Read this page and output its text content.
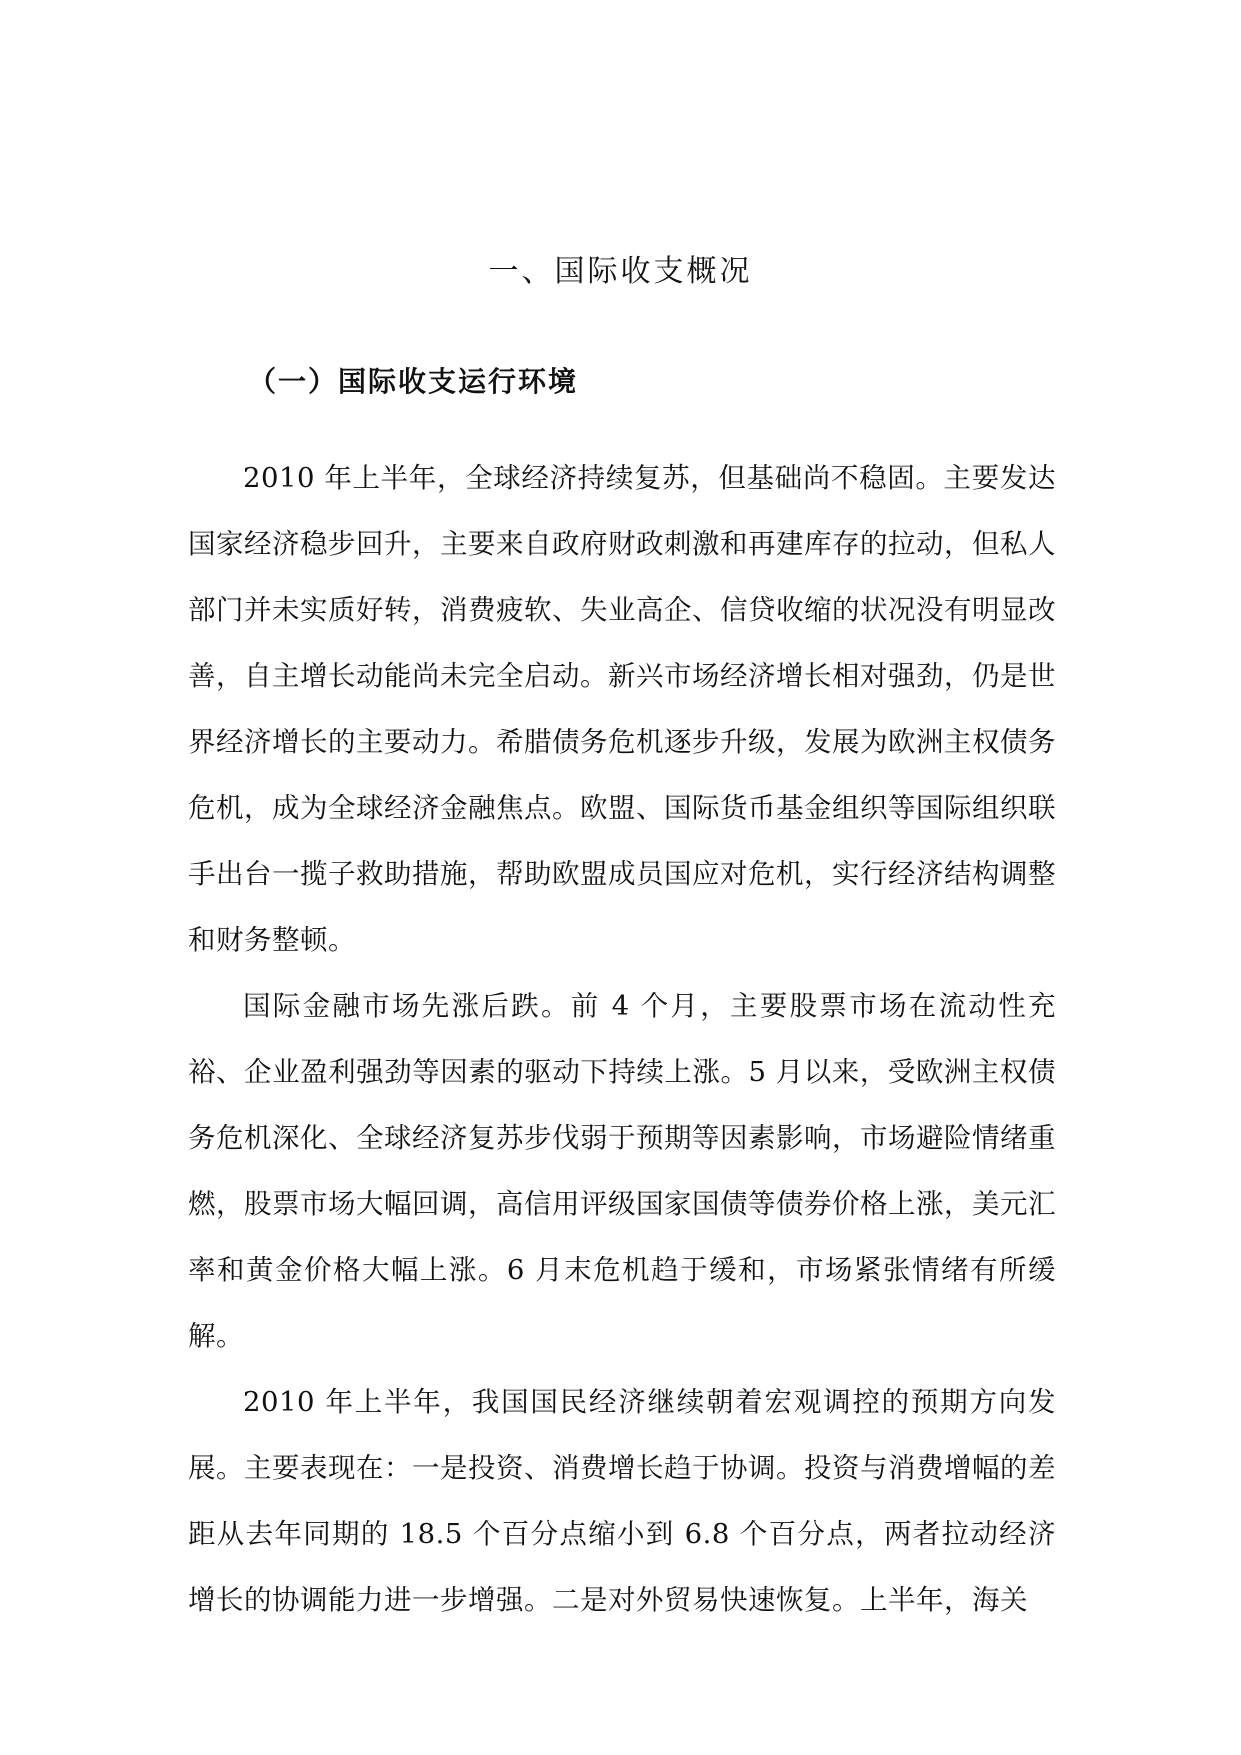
一、国际收支概况
（一）国际收支运行环境

2010 年上半年，全球经济持续复苏，但基础尚不稳固。主要发达国家经济稳步回升，主要来自政府财政刺激和再建库存的拉动，但私人部门并未实质好转，消费疲软、失业高企、信贷收缩的状况没有明显改善，自主增长动能尚未完全启动。新兴市场经济增长相对强劲，仍是世界经济增长的主要动力。希腊债务危机逐步升级，发展为欧洲主权债务危机，成为全球经济金融焦点。欧盟、国际货币基金组织等国际组织联手出台一揽子救助措施，帮助欧盟成员国应对危机，实行经济结构调整和财务整顿。

国际金融市场先涨后跌。前 4 个月，主要股票市场在流动性充裕、企业盈利强劲等因素的驱动下持续上涨。5 月以来，受欧洲主权债务危机深化、全球经济复苏步伐弱于预期等因素影响，市场避险情绪重燃，股票市场大幅回调，高信用评级国家国债等债券价格上涨，美元汇率和黄金价格大幅上涨。6 月末危机趋于缓和，市场紧张情绪有所缓解。

2010 年上半年，我国国民经济继续朝着宏观调控的预期方向发展。主要表现在：一是投资、消费增长趋于协调。投资与消费增幅的差距从去年同期的 18.5 个百分点缩小到 6.8 个百分点，两者拉动经济增长的协调能力进一步增强。二是对外贸易快速恢复。上半年，海关
